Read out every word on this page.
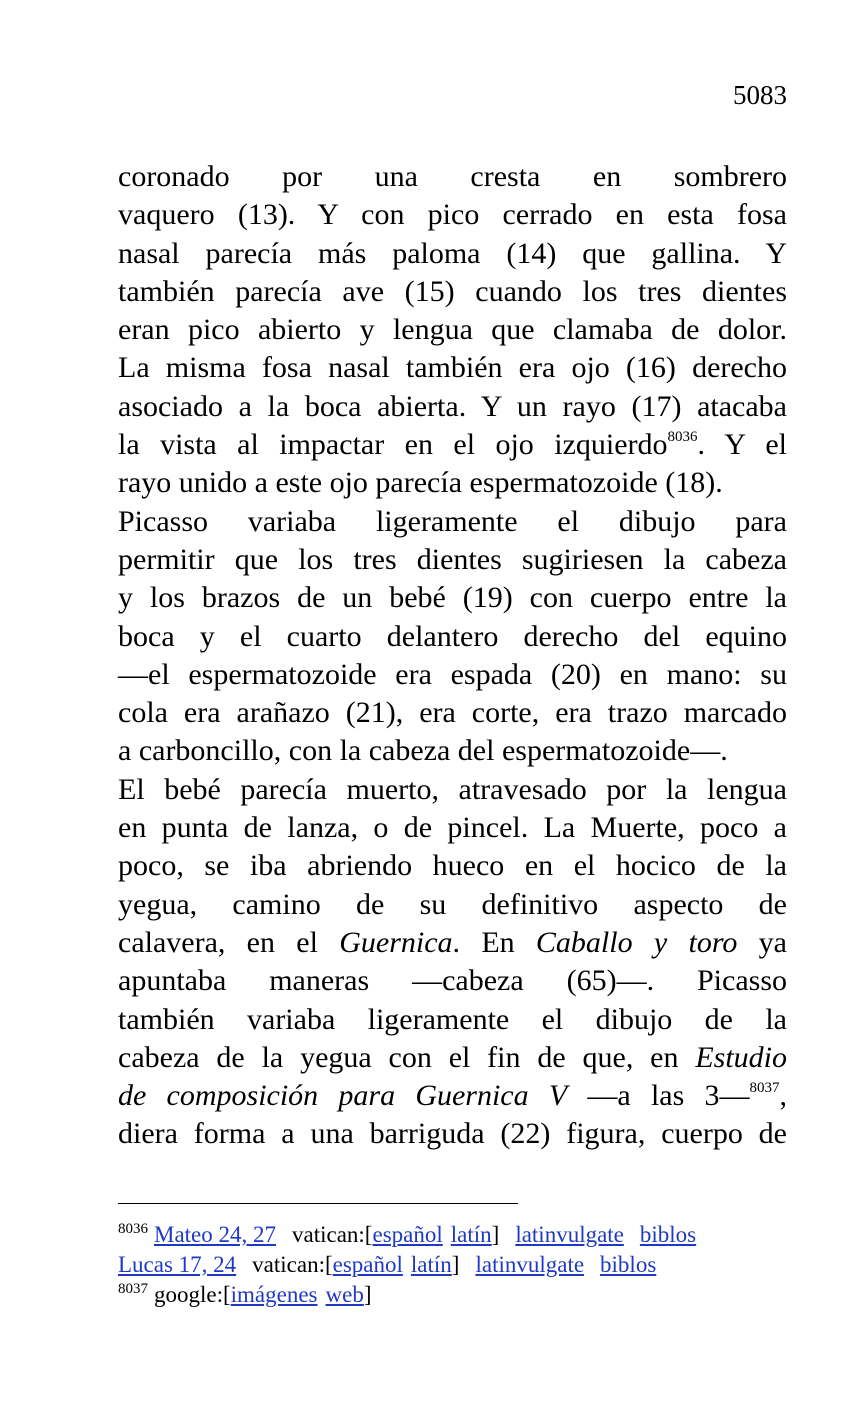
5083
coronado por una cresta en sombrero
vaquero (13). Y con pico cerrado en esta fosa
nasal parecía más paloma (14) que gallina. Y
también parecía ave (15) cuando los tres dientes
eran pico abierto y lengua que clamaba de dolor.
La misma fosa nasal también era ojo (16) derecho
asociado a la boca abierta. Y un rayo (17) atacaba
la vista al impactar en el ojo izquierdo$^{8036}$. Y el
rayo unido a este ojo parecía espermatozoide (18).
Picasso variaba ligeramente el dibujo para
permitir que los tres dientes sugiriesen la cabeza
y los brazos de un bebé (19) con cuerpo entre la
boca y el cuarto delantero derecho del equino
—el espermatozoide era espada (20) en mano: su
cola era arañazo (21), era corte, era trazo marcado
a carboncillo, con la cabeza del espermatozoide—.
El bebé parecía muerto, atravesado por la lengua
en punta de lanza, o de pincel. La Muerte, poco a
poco, se iba abriendo hueco en el hocico de la
yegua, camino de su definitivo aspecto de
calavera, en el Guernica. En Caballo y toro ya
apuntaba maneras —cabeza (65)—. Picasso
también variaba ligeramente el dibujo de la
cabeza de la yegua con el fin de que, en Estudio
de composición para Guernica V —a las 3—$^{8037}$,
diera forma a una barriguda (22) figura, cuerpo de
$^{8036}$ Mateo 24, 27 vatican:[español latín] latinvulgate biblos
Lucas 17, 24 vatican:[español latín] latinvulgate biblos
$^{8037}$ google:[imágenes web]
